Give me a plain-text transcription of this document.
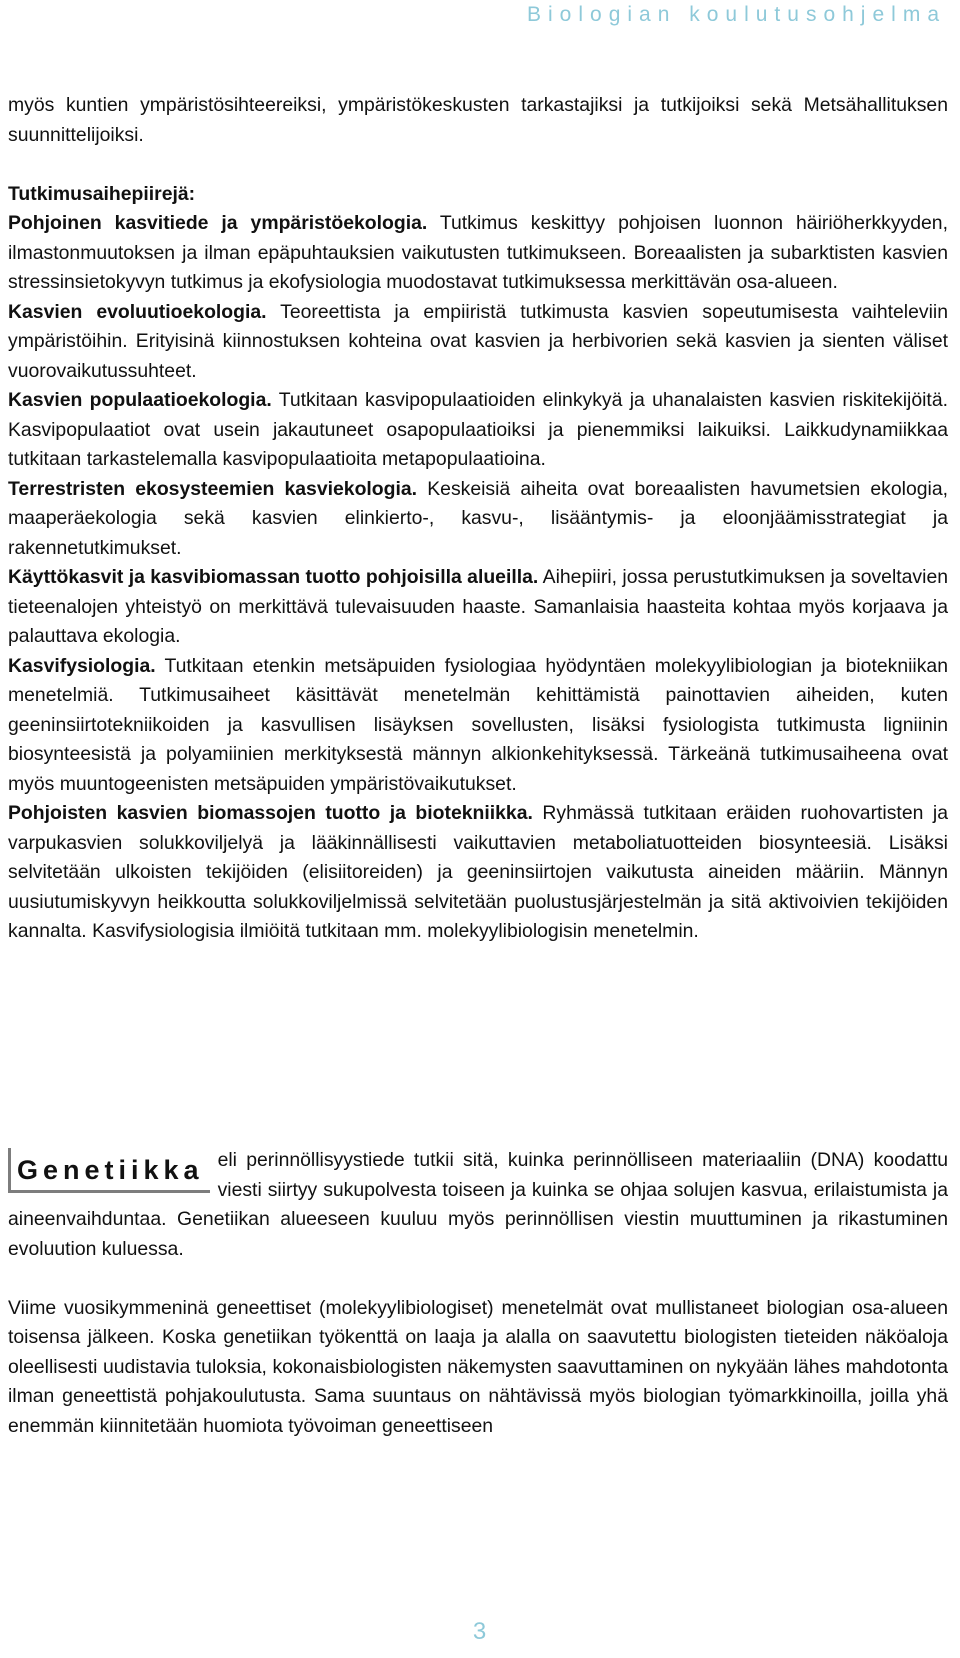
Biologian koulutusohjelma

myös kuntien ympäristösihteereiksi, ympäristökeskusten tarkastajiksi ja tutkijoiksi sekä Metsähallituksen suunnittelijoiksi.

Tutkimusaihepiirejä:

Pohjoinen kasvitiede ja ympäristöekologia. Tutkimus keskittyy pohjoisen luonnon häiriöherkkyyden, ilmastonmuutoksen ja ilman epäpuhtauksien vaikutusten tutkimukseen. Boreaalisten ja subarktisten kasvien stressinsietokyvyn tutkimus ja ekofysiologia muodostavat tutkimuksessa merkittävän osa-alueen.

Kasvien evoluutioekologia. Teoreettista ja empiiristä tutkimusta kasvien sopeutumisesta vaihteleviin ympäristöihin. Erityisinä kiinnostuksen kohteina ovat kasvien ja herbivorien sekä kasvien ja sienten väliset vuorovaikutussuhteet.

Kasvien populaatioekologia. Tutkitaan kasvipopulaatioiden elinkykyä ja uhanalaisten kasvien riskitekijöitä. Kasvipopulaatiot ovat usein jakautuneet osapopulaatioiksi ja pienemmiksi laikuiksi. Laikkudynamiikkaa tutkitaan tarkastelemalla kasvipopulaatioita metapopulaatioina.

Terrestristen ekosysteemien kasviekologia. Keskeisiä aiheita ovat boreaalisten havumetsien ekologia, maaperäekologia sekä kasvien elinkierto-, kasvu-, lisääntymis- ja eloonjäämisstrategiat ja rakennetutkimukset.

Käyttökasvit ja kasvibiomassan tuotto pohjoisilla alueilla. Aihepiiri, jossa perustutkimuksen ja soveltavien tieteenalojen yhteistyö on merkittävä tulevaisuuden haaste. Samanlaisia haasteita kohtaa myös korjaava ja palauttava ekologia.

Kasvifysiologia. Tutkitaan etenkin metsäpuiden fysiologiaa hyödyntäen molekyylibiologian ja biotekniikan menetelmiä. Tutkimusaiheet käsittävät menetelmän kehittämistä painottavien aiheiden, kuten geeninsiirtotekniikoiden ja kasvullisen lisäyksen sovellusten, lisäksi fysiologista tutkimusta ligniinin biosynteesistä ja polyamiinien merkityksestä männyn alkionkehityksessä. Tärkeänä tutkimusaiheena ovat myös muuntogeenisten metsäpuiden ympäristövaikutukset.

Pohjoisten kasvien biomassojen tuotto ja biotekniikka. Ryhmässä tutkitaan eräiden ruohovartisten ja varpukasvien solukkoviljelyä ja lääkinnällisesti vaikuttavien metaboliatuotteiden biosynteesiä. Lisäksi selvitetään ulkoisten tekijöiden (elisiitoreiden) ja geeninsiirtojen vaikutusta aineiden määriin. Männyn uusiutumiskyvyn heikkoutta solukkoviljelmissä selvitetään puolustusjärjestelmän ja sitä aktivoivien tekijöiden kannalta. Kasvifysiologisia ilmiöitä tutkitaan mm. molekyylibiologisin menetelmin.

Genetiikka eli perinnöllisyystiede tutkii sitä, kuinka perinnölliseen materiaaliin (DNA) koodattu viesti siirtyy sukupolvesta toiseen ja kuinka se ohjaa solujen kasvua, erilaistumista ja aineenvaihduntaa. Genetiikan alueeseen kuuluu myös perinnöllisen viestin muuttuminen ja rikastuminen evoluution kuluessa.

Viime vuosikymmeninä geneettiset (molekyylibiologiset) menetelmät ovat mullistaneet biologian osa-alueen toisensa jälkeen. Koska genetiikan työkenttä on laaja ja alalla on saavutettu biologisten tieteiden näköaloja oleellisesti uudistavia tuloksia, kokonaisbiologisten näkemysten saavuttaminen on nykyään lähes mahdotonta ilman geneettistä pohjakoulutusta. Sama suuntaus on nähtävissä myös biologian työmarkkinoilla, joilla yhä enemmän kiinnitetään huomiota työvoiman geneettiseen

3
